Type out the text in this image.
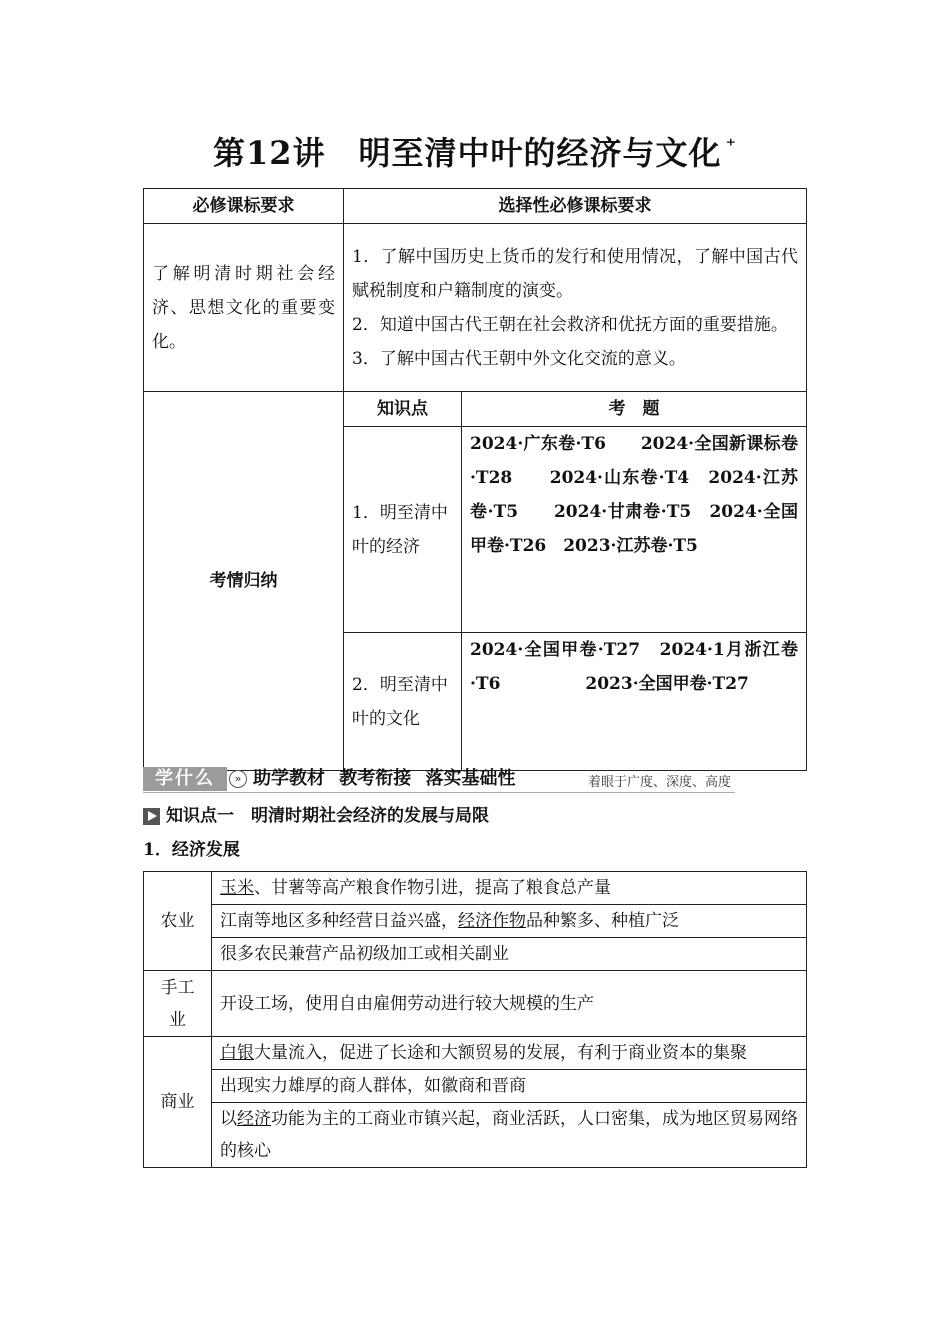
第12讲　明至清中叶的经济与文化 ⁺
必修课标要求	选择性必修课标要求	
了解明清时期社会经济、思想文化的重要变化。	1．了解中国历史上货币的发行和使用情况，了解中国古代赋税制度和户籍制度的演变。
2．知道中国古代王朝在社会救济和优抚方面的重要措施。
3．了解中国古代王朝中外文化交流的意义。	

考情归纳	知识点	考　题
	1．明至清中叶的经济	2024·广东卷·T6　　2024·全国新课标卷·T28　　2024·山东卷·T4　2024·江苏卷·T5　　2024·甘肃卷·T5　2024·全国甲卷·T26　2023·江苏卷·T5
	2．明至清中叶的文化	2024·全国甲卷·T27　2024·1月浙江卷·T6　　　　　2023·全国甲卷·T27
学什么	» 助学教材 教考衔接 落实基础性	着眼于广度、深度、高度
知识点一　明清时期社会经济的发展与局限
1．经济发展
农业	玉米、甘薯等高产粮食作物引进，提高了粮食总产量
	江南等地区多种经营日益兴盛，经济作物品种繁多、种植广泛
	很多农民兼营产品初级加工或相关副业
手工业	开设工场，使用自由雇佣劳动进行较大规模的生产
商业	白银大量流入，促进了长途和大额贸易的发展，有利于商业资本的集聚
	出现实力雄厚的商人群体，如徽商和晋商
	以经济功能为主的工商业市镇兴起，商业活跃，人口密集，成为地区贸易网络的核心
